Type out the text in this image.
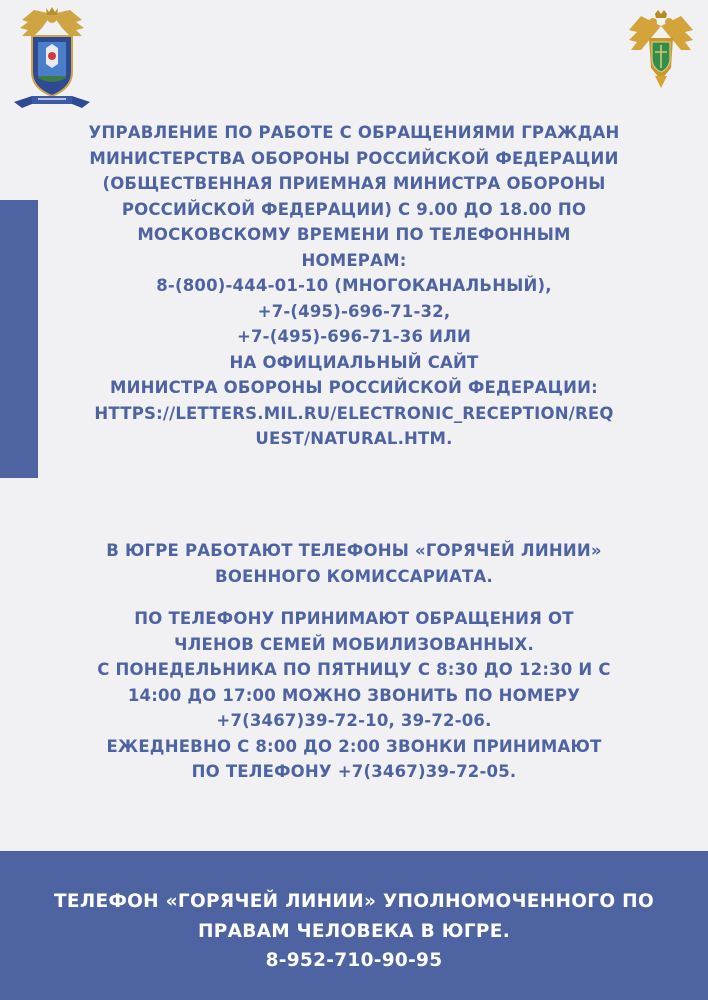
УПРАВЛЕНИЕ ПО РАБОТЕ С ОБРАЩЕНИЯМИ ГРАЖДАН
МИНИСТЕРСТВА ОБОРОНЫ РОССИЙСКОЙ ФЕДЕРАЦИИ
(ОБЩЕСТВЕННАЯ ПРИЕМНАЯ МИНИСТРА ОБОРОНЫ
РОССИЙСКОЙ ФЕДЕРАЦИИ) С 9.00 ДО 18.00 ПО
МОСКОВСКОМУ ВРЕМЕНИ ПО ТЕЛЕФОННЫМ
НОМЕРАМ:
8-(800)-444-01-10 (МНОГОКАНАЛЬНЫЙ),
+7-(495)-696-71-32,
+7-(495)-696-71-36 ИЛИ
НА ОФИЦИАЛЬНЫЙ САЙТ
МИНИСТРА ОБОРОНЫ РОССИЙСКОЙ ФЕДЕРАЦИИ:
HTTPS://LETTERS.MIL.RU/ELECTRONIC_RECEPTION/REQ
UEST/NATURAL.HTM.
В ЮГРЕ РАБОТАЮТ ТЕЛЕФОНЫ «ГОРЯЧЕЙ ЛИНИИ»
ВОЕННОГО КОМИССАРИАТА.
ПО ТЕЛЕФОНУ ПРИНИМАЮТ ОБРАЩЕНИЯ ОТ
ЧЛЕНОВ СЕМЕЙ МОБИЛИЗОВАННЫХ.
С ПОНЕДЕЛЬНИКА ПО ПЯТНИЦУ С 8:30 ДО 12:30 И С
14:00 ДО 17:00 МОЖНО ЗВОНИТЬ ПО НОМЕРУ
+7(3467)39-72-10, 39-72-06.
ЕЖЕДНЕВНО С 8:00 ДО 2:00 ЗВОНКИ ПРИНИМАЮТ
ПО ТЕЛЕФОНУ +7(3467)39-72-05.
ТЕЛЕФОН «ГОРЯЧЕЙ ЛИНИИ» УПОЛНОМОЧЕННОГО ПО
ПРАВАМ ЧЕЛОВЕКА В ЮГРЕ.
8-952-710-90-95
